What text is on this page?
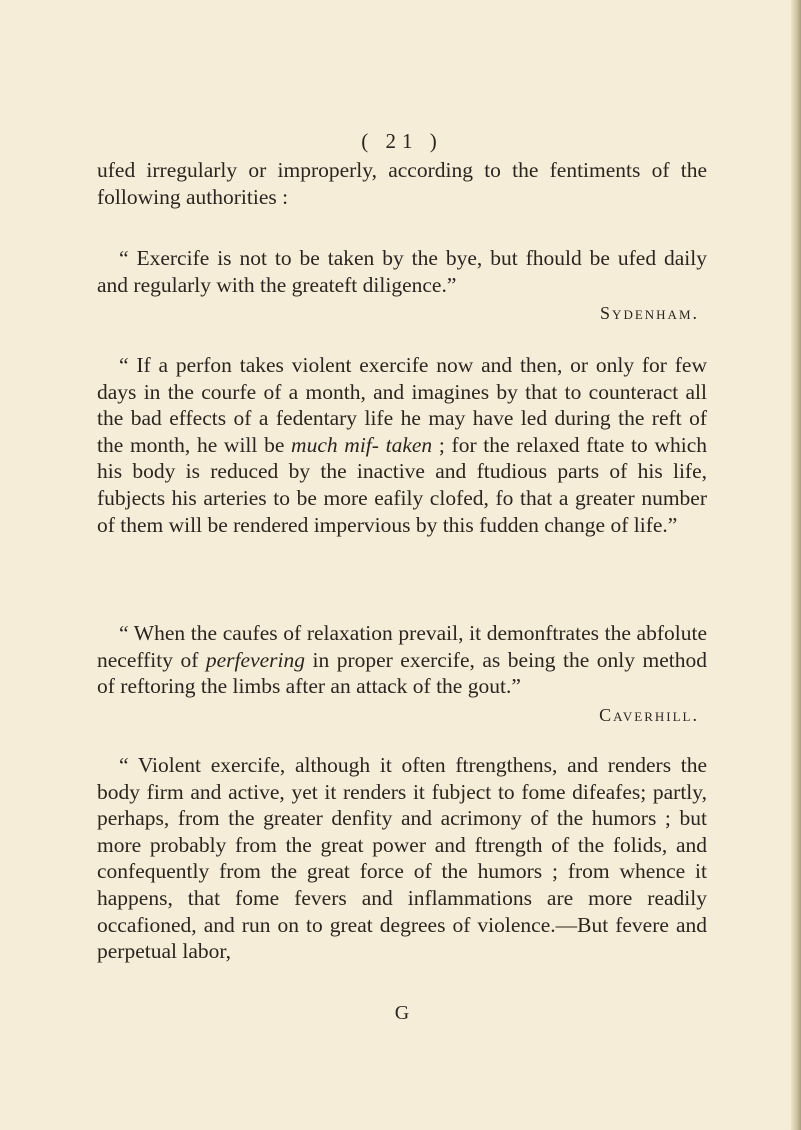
( 21 )

ufed irregularly or improperly, according to the fentiments of the following authorities :

“ Exercife is not to be taken by the bye, but fhould be ufed daily and regularly with the greateft diligence.”

Sydenham.

“ If a perfon takes violent exercife now and then, or only for few days in the courfe of a month, and imagines by that to counteract all the bad effects of a fedentary life he may have led during the reft of the month, he will be much mif- taken ; for the relaxed ftate to which his body is reduced by the inactive and ftudious parts of his life, fubjects his arteries to be more eafily clofed, fo that a greater number of them will be rendered impervious by this fudden change of life.”

“ When the caufes of relaxation prevail, it demonftrates the abfolute neceffity of perfevering in proper exercife, as being the only method of reftoring the limbs after an attack of the gout.”

Caverhill.

“ Violent exercife, although it often ftrengthens, and renders the body firm and active, yet it renders it fubject to fome difeafes; partly, perhaps, from the greater denfity and acrimony of the humors ; but more probably from the great power and ftrength of the folids, and confequently from the great force of the humors ; from whence it happens, that fome fevers and inflammations are more readily occafioned, and run on to great degrees of violence.—But fevere and perpetual labor,

G
